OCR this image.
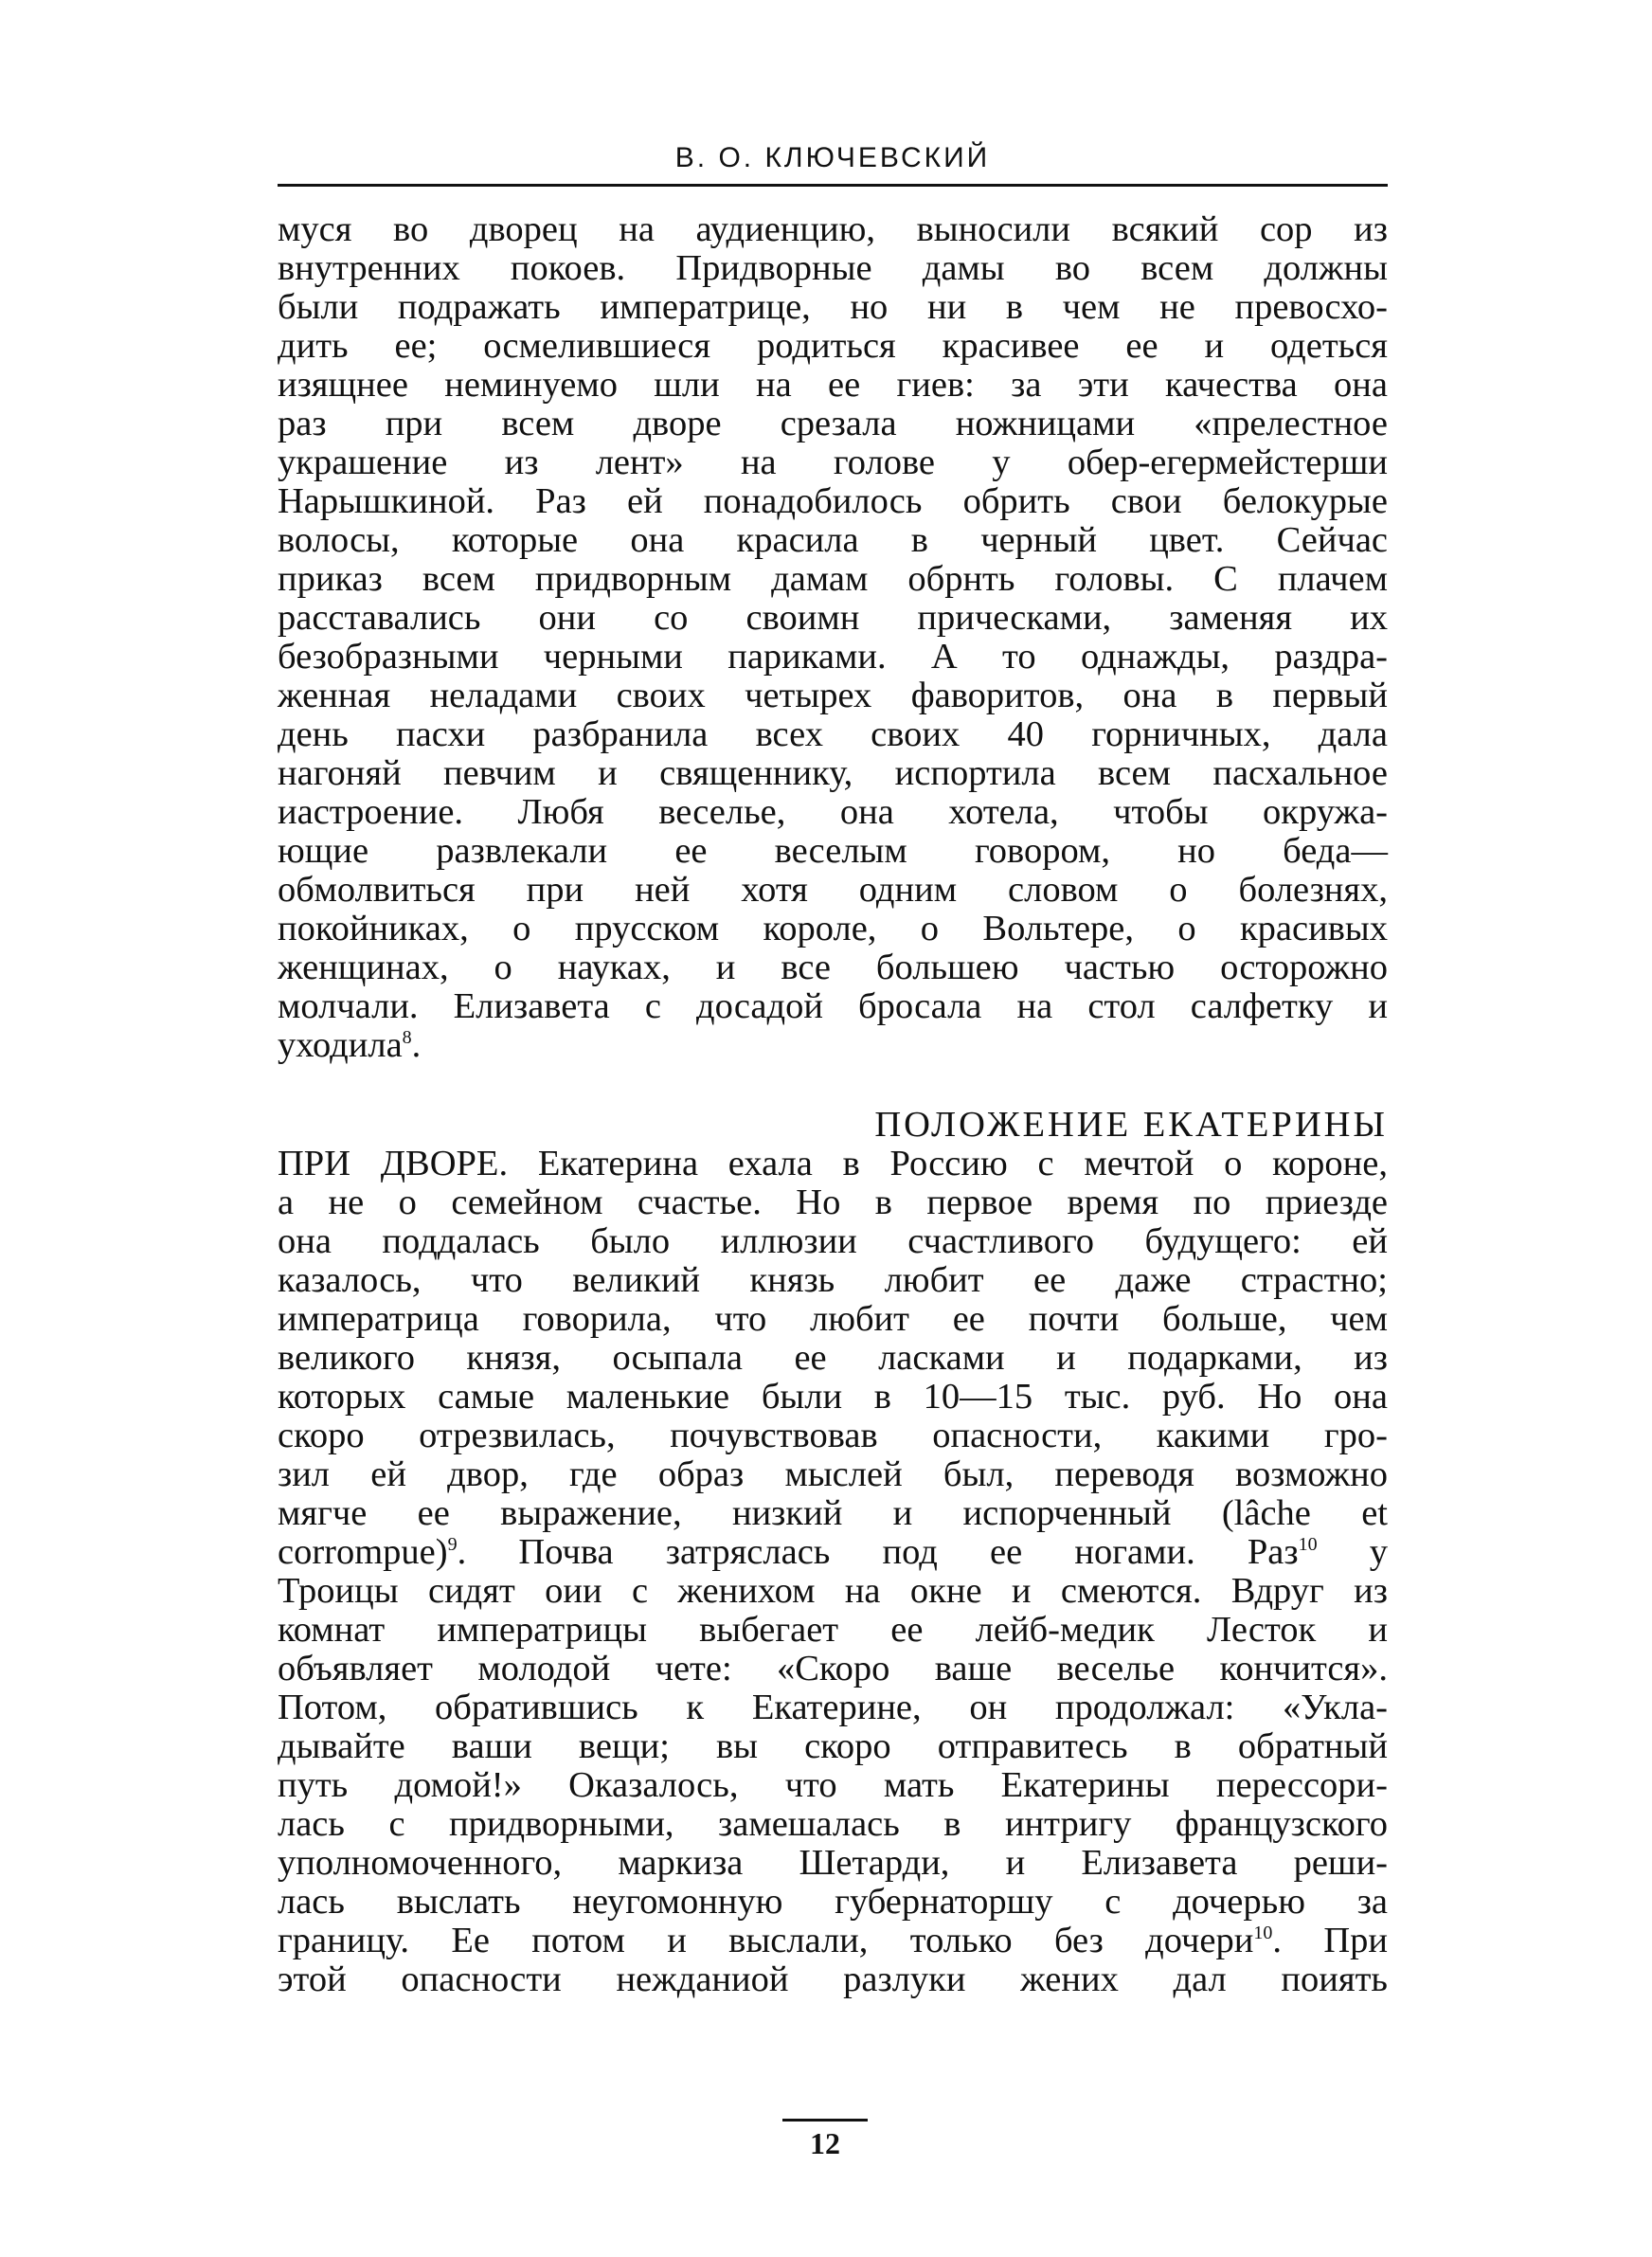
В. О. КЛЮЧЕВСКИЙ
муся во дворец на аудиенцию, выносили всякий сор из
внутренних покоев. Придворные дамы во всем должны
были подражать императрице, но ни в чем не превосхо-
дить ее; осмелившиеся родиться красивее ее и одеться
изящнее неминуемо шли на ее гиев: за эти качества она
раз при всем дворе срезала ножницами «прелестное
украшение из лент» на голове у обер-егермейстерши
Нарышкиной. Раз ей понадобилось обрить свои белокурые
волосы, которые она красила в черный цвет. Сейчас
приказ всем придворным дамам обрнть головы. С плачем
расставались они со своимн прическами, заменяя их
безобразными черными париками. А то однажды, раздра-
женная неладами своих четырех фаворитов, она в первый
день пасхи разбранила всех своих 40 горничных, дала
нагоняй певчим и священнику, испортила всем пасхальное
иастроение. Любя веселье, она хотела, чтобы окружа-
ющие развлекали ее веселым говором, но беда—
обмолвиться при ней хотя одним словом о болезнях,
покойниках, о прусском короле, о Вольтере, о красивых
женщинах, о науках, и все большею частью осторожно
молчали. Елизавета с досадой бросала на стол салфетку и
уходила$^8$.
ПОЛОЖЕНИЕ ЕКАТЕРИНЫ
ПРИ ДВОРЕ. Екатерина ехала в Россию с мечтой о короне,
а не о семейном счастье. Но в первое время по приезде
она поддалась было иллюзии счастливого будущего: ей
казалось, что великий князь любит ее даже страстно;
императрица говорила, что любит ее почти больше, чем
великого князя, осыпала ее ласками и подарками, из
которых самые маленькие были в 10—15 тыс. руб. Но она
скоро отрезвилась, почувствовав опасности, какими гро-
зил ей двор, где образ мыслей был, переводя возможно
мягче ее выражение, низкий и испорченный (lâche et
corrompue)$^9$. Почва затряслась под ее ногами. Раз$^{10}$ у
Троицы сидят оии с женихом на окне и смеются. Вдруг из
комнат императрицы выбегает ее лейб-медик Лесток и
объявляет молодой чете: «Скоро ваше веселье кончится».
Потом, обратившись к Екатерине, он продолжал: «Укла-
дывайте ваши вещи; вы скоро отправитесь в обратный
путь домой!» Оказалось, что мать Екатерины перессори-
лась с придворными, замешалась в интригу французского
уполномоченного, маркиза Шетарди, и Елизавета реши-
лась выслать неугомонную губернаторшу с дочерью за
границу. Ее потом и выслали, только без дочери$^{10}$. При
этой опасности нежданиой разлуки жених дал поиять
12
